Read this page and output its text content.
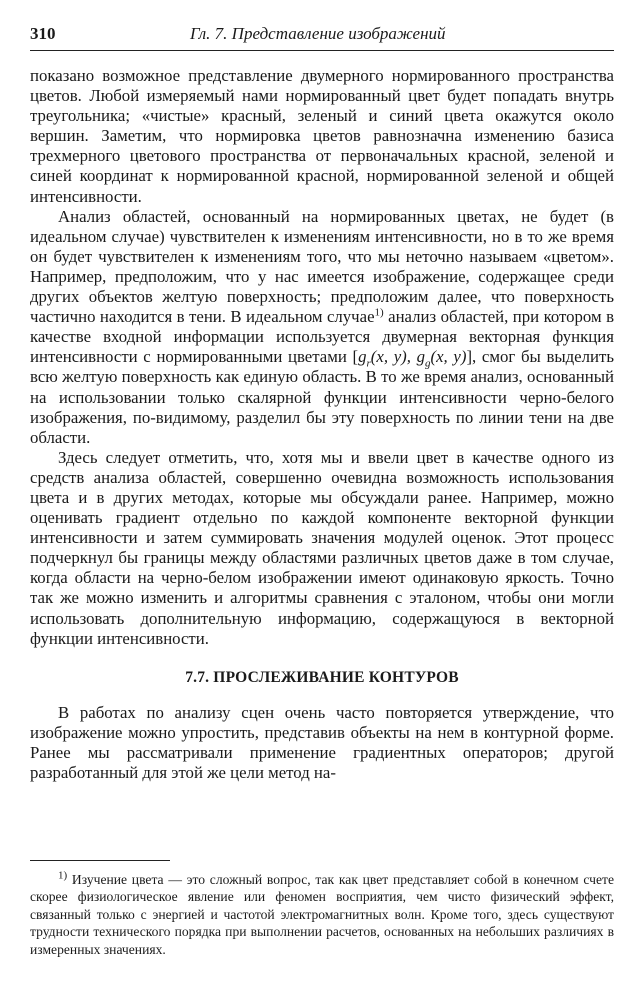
310	Гл. 7. Представление изображений

показано возможное представление двумерного нормированного пространства цветов. Любой измеряемый нами нормированный цвет будет попадать внутрь треугольника; «чистые» красный, зеленый и синий цвета окажутся около вершин. Заметим, что нормировка цветов равнозначна изменению базиса трехмерного цветового пространства от первоначальных красной, зеленой и синей координат к нормированной красной, нормированной зеленой и общей интенсивности.

Анализ областей, основанный на нормированных цветах, не будет (в идеальном случае) чувствителен к изменениям интенсивности, но в то же время он будет чувствителен к изменениям того, что мы неточно называем «цветом». Например, предположим, что у нас имеется изображение, содержащее среди других объектов желтую поверхность; предположим далее, что поверхность частично находится в тени. В идеальном случае$^{1)}$ анализ областей, при котором в качестве входной информации используется двумерная векторная функция интенсивности с нормированными цветами [$g_r(x$, y), $g_g(x$, y)], смог бы выделить всю желтую поверхность как единую область. В то же время анализ, основанный на использовании только скалярной функции интенсивности черно-белого изображения, по-видимому, разделил бы эту поверхность по линии тени на две области.

Здесь следует отметить, что, хотя мы и ввели цвет в качестве одного из средств анализа областей, совершенно очевидна возможность использования цвета и в других методах, которые мы обсуждали ранее. Например, можно оценивать градиент отдельно по каждой компоненте векторной функции интенсивности и затем суммировать значения модулей оценок. Этот процесс подчеркнул бы границы между областями различных цветов даже в том случае, когда области на черно-белом изображении имеют одинаковую яркость. Точно так же можно изменить и алгоритмы сравнения с эталоном, чтобы они могли использовать дополнительную информацию, содержащуюся в векторной функции интенсивности.

7.7. ПРОСЛЕЖИВАНИЕ КОНТУРОВ

В работах по анализу сцен очень часто повторяется утверждение, что изображение можно упростить, представив объекты на нем в контурной форме. Ранее мы рассматривали применение градиентных операторов; другой разработанный для этой же цели метод на-

$^{1)}$ Изучение цвета — это сложный вопрос, так как цвет представляет собой в конечном счете скорее физиологическое явление или феномен восприятия, чем чисто физический эффект, связанный только с энергией и частотой электромагнитных волн. Кроме того, здесь существуют трудности технического порядка при выполнении расчетов, основанных на небольших различиях в измеренных значениях.
